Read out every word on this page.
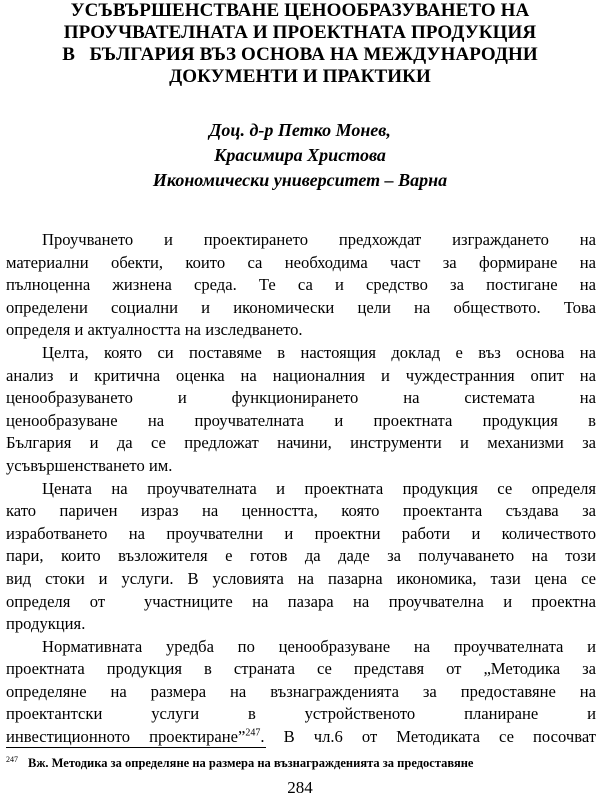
УСЪВЪРШЕНСТВАНЕ ЦЕНООБРАЗУВАНЕТО НА
ПРОУЧВАТЕЛНАТА И ПРОЕКТНАТА ПРОДУКЦИЯ
В   БЪЛГАРИЯ ВЪЗ ОСНОВА НА МЕЖДУНАРОДНИ
ДОКУМЕНТИ И ПРАКТИКИ
Доц. д-р Петко Монев,
Красимира Христова
Икономически университет – Варна

Проучването и проектирането предхождат изграждането на
материални обекти, които са необходима част за формиране на
пълноценна жизнена среда. Те са и средство за постигане на
определени социални и икономически цели на обществото. Това
определя и актуалността на изследването.

Целта, която си поставяме в настоящия доклад е въз основа на
анализ и критична оценка на националния и чуждестранния опит на
ценообразуването и функционирането на системата на
ценообразуване на проучвателната и проектната продукция в
България и да се предложат начини, инструменти и механизми за
усъвършенстването им.

Цената на проучвателната и проектната продукция се определя
като паричен израз на ценността, която проектанта създава за
изработването на проучвателни и проектни работи и количеството
пари, които възложителя е готов да даде за получаването на този
вид стоки и услуги. В условията на пазарна икономика, тази цена се
определя от  участниците на пазара на проучвателна и проектна
продукция.

Нормативната уредба по ценообразуване на проучвателната и
проектната продукция в страната се представя от „Методика за
определяне на размера на възнагражденията за предоставяне на
проектантски услуги в устройственото планиране и
инвестиционното проектиране”$^{247}$. В чл.6 от Методиката се посочват

$^{247}$ Вж. Методика за определяне на размера на възнагражденията за предоставяне
284
